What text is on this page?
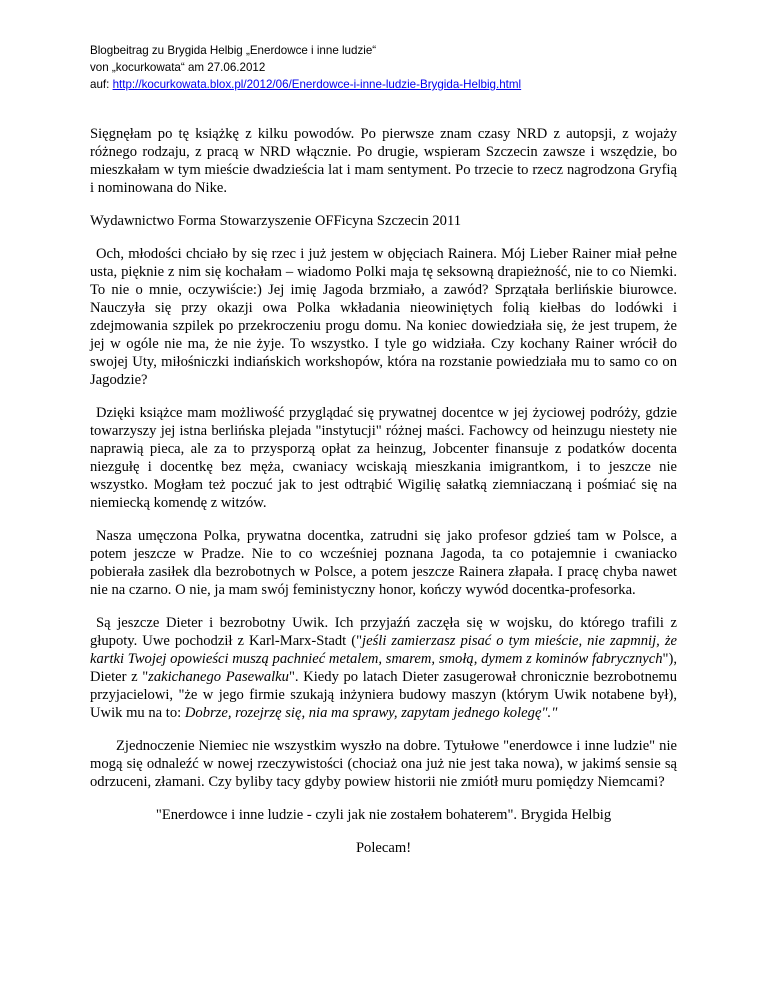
Blogbeitrag zu Brygida Helbig „Enerdowce i inne ludzie“
von „kocurkowata“ am 27.06.2012
auf: http://kocurkowata.blox.pl/2012/06/Enerdowce-i-inne-ludzie-Brygida-Helbig.html

Sięgnęłam po tę książkę z kilku powodów. Po pierwsze znam czasy NRD z autopsji, z wojaży różnego rodzaju, z pracą w NRD włącznie. Po drugie, wspieram Szczecin zawsze i wszędzie, bo mieszkałam w tym mieście dwadzieścia lat i mam sentyment. Po trzecie to rzecz nagrodzona Gryfią i nominowana do Nike.

Wydawnictwo Forma Stowarzyszenie OFFicyna Szczecin 2011

Och, młodości chciało by się rzec i już jestem w objęciach Rainera. Mój Lieber Rainer miał pełne usta, pięknie z nim się kochałam – wiadomo Polki maja tę seksowną drapieżność, nie to co Niemki. To nie o mnie, oczywiście:) Jej imię Jagoda brzmiało, a zawód? Sprzątała berlińskie biurowce. Nauczyła się przy okazji owa Polka wkładania nieowiniętych folią kiełbas do lodówki i zdejmowania szpilek po przekroczeniu progu domu. Na koniec dowiedziała się, że jest trupem, że jej w ogóle nie ma, że nie żyje. To wszystko. I tyle go widziała. Czy kochany Rainer wrócił do swojej Uty, miłośniczki indiańskich workshopów, która na rozstanie powiedziała mu to samo co on Jagodzie?

Dzięki książce mam możliwość przyglądać się prywatnej docentce w jej życiowej podróży, gdzie towarzyszy jej istna berlińska plejada "instytucji" różnej maści. Fachowcy od heinzugu niestety nie naprawią pieca, ale za to przysporzą opłat za heinzug, Jobcenter finansuje z podatków docenta niezgułę i docentkę bez męża, cwaniacy wciskają mieszkania imigrantkom, i to jeszcze nie wszystko. Mogłam też poczuć jak to jest odtrąbić Wigilię sałatką ziemniaczaną i pośmiać się na niemiecką komendę z witzów.

Nasza umęczona Polka, prywatna docentka, zatrudni się jako profesor gdzieś tam w Polsce, a potem jeszcze w Pradze. Nie to co wcześniej poznana Jagoda, ta co potajemnie i cwaniacko pobierała zasiłek dla bezrobotnych w Polsce, a potem jeszcze Rainera złapała. I pracę chyba nawet nie na czarno. O nie, ja mam swój feministyczny honor, kończy wywód docentka-profesorka.

Są jeszcze Dieter i bezrobotny Uwik. Ich przyjaźń zaczęła się w wojsku, do którego trafili z głupoty. Uwe pochodził z Karl-Marx-Stadt ("jeśli zamierzasz pisać o tym mieście, nie zapmnij, że kartki Twojej opowieści muszą pachnieć metalem, smarem, smołą, dymem z kominów fabrycznych"), Dieter z "zakichanego Pasewalku". Kiedy po latach Dieter zasugerował chronicznie bezrobotnemu przyjacielowi, "że w jego firmie szukają inżyniera budowy maszyn (którym Uwik notabene był), Uwik mu na to: Dobrze, rozejrzę się, nia ma sprawy, zapytam jednego kolegę"."

Zjednoczenie Niemiec nie wszystkim wyszło na dobre. Tytułowe "enerdowce i inne ludzie" nie mogą się odnaleźć w nowej rzeczywistości (chociaż ona już nie jest taka nowa), w jakimś sensie są odrzuceni, złamani. Czy byliby tacy gdyby powiew historii nie zmiótł muru pomiędzy Niemcami?

"Enerdowce i inne ludzie - czyli jak nie zostałem bohaterem". Brygida Helbig

Polecam!
